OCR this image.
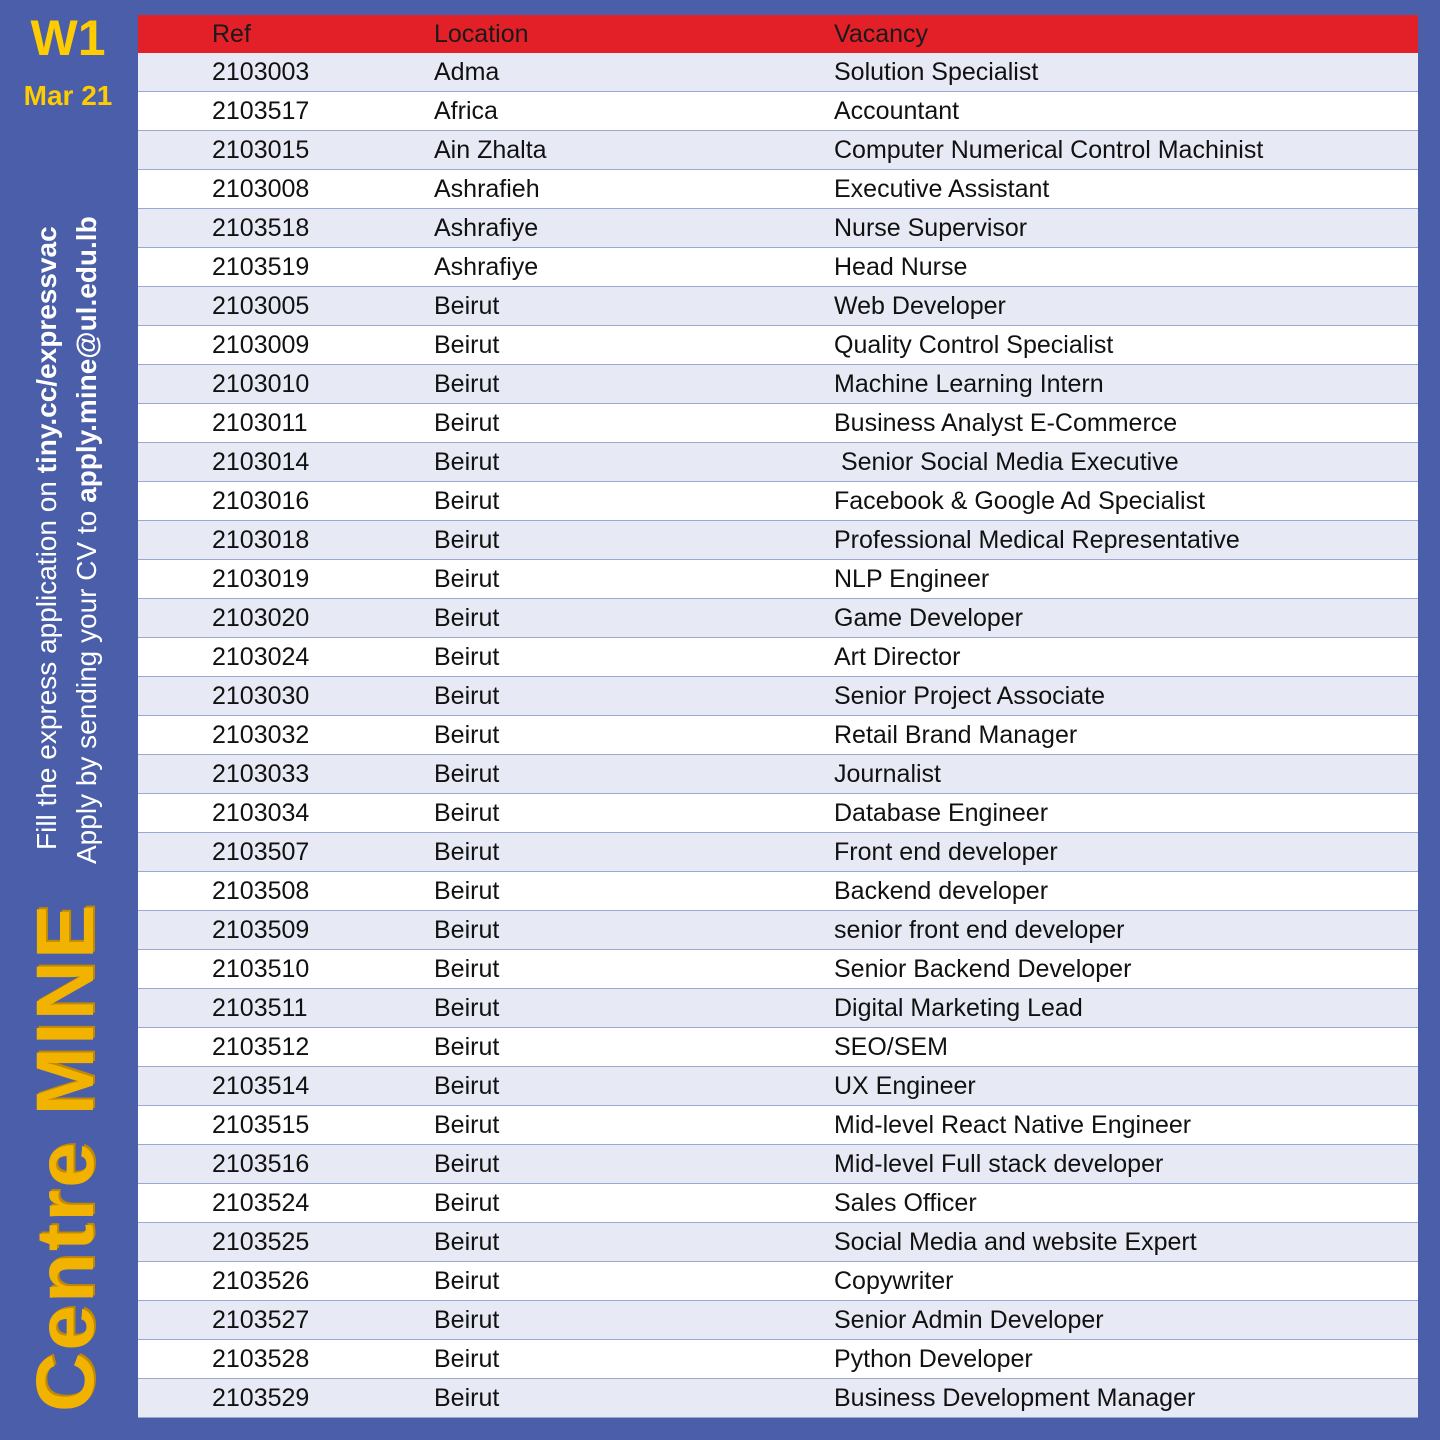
W1
Mar 21
Fill the express application on tiny.cc/expressvac
Apply by sending your CV to apply.mine@ul.edu.lb
Centre MINE
Ref	Location	Vacancy
2103003	Adma	Solution Specialist
2103517	Africa	Accountant
2103015	Ain Zhalta	Computer Numerical Control Machinist
2103008	Ashrafieh	Executive Assistant
2103518	Ashrafiye	Nurse Supervisor
2103519	Ashrafiye	Head Nurse
2103005	Beirut	Web Developer
2103009	Beirut	Quality Control Specialist
2103010	Beirut	Machine Learning Intern
2103011	Beirut	Business Analyst E-Commerce
2103014	Beirut	Senior Social Media Executive
2103016	Beirut	Facebook & Google Ad Specialist
2103018	Beirut	Professional Medical Representative
2103019	Beirut	NLP Engineer
2103020	Beirut	Game Developer
2103024	Beirut	Art Director
2103030	Beirut	Senior Project Associate
2103032	Beirut	Retail Brand Manager
2103033	Beirut	Journalist
2103034	Beirut	Database Engineer
2103507	Beirut	Front end developer
2103508	Beirut	Backend developer
2103509	Beirut	senior front end developer
2103510	Beirut	Senior Backend Developer
2103511	Beirut	Digital Marketing Lead
2103512	Beirut	SEO/SEM
2103514	Beirut	UX Engineer
2103515	Beirut	Mid-level React Native Engineer
2103516	Beirut	Mid-level Full stack developer
2103524	Beirut	Sales Officer
2103525	Beirut	Social Media and website Expert
2103526	Beirut	Copywriter
2103527	Beirut	Senior Admin Developer
2103528	Beirut	Python Developer
2103529	Beirut	Business Development Manager
